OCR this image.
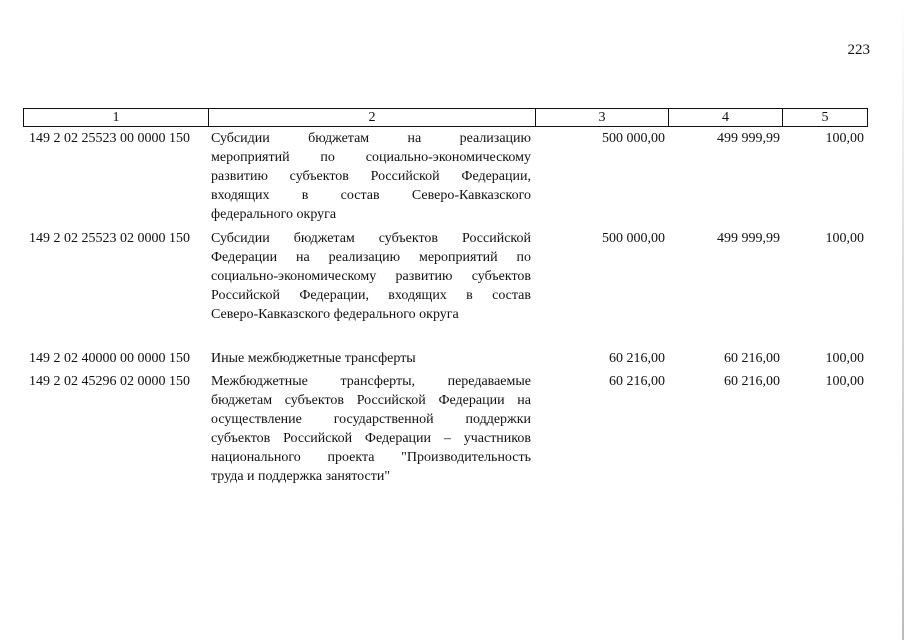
223
1	2	3	4	5
149 2 02 25523 00 0000 150 Субсидии бюджетам на реализацию
мероприятий по социально-экономическому
развитию субъектов Российской Федерации,
входящих в состав Северо-Кавказского
федерального округа
500 000,00	499 999,99	100,00
149 2 02 25523 02 0000 150 Субсидии бюджетам субъектов Российской
Федерации на реализацию мероприятий по
социально-экономическому развитию субъектов
Российской Федерации, входящих в состав
Северо-Кавказского федерального округа
500 000,00	499 999,99	100,00
149 2 02 40000 00 0000 150 Иные межбюджетные трансферты	60 216,00	60 216,00	100,00
149 2 02 45296 02 0000 150 Межбюджетные трансферты, передаваемые
бюджетам субъектов Российской Федерации на
осуществление государственной поддержки
субъектов Российской Федерации – участников
национального проекта "Производительность
труда и поддержка занятости"
60 216,00	60 216,00	100,00
